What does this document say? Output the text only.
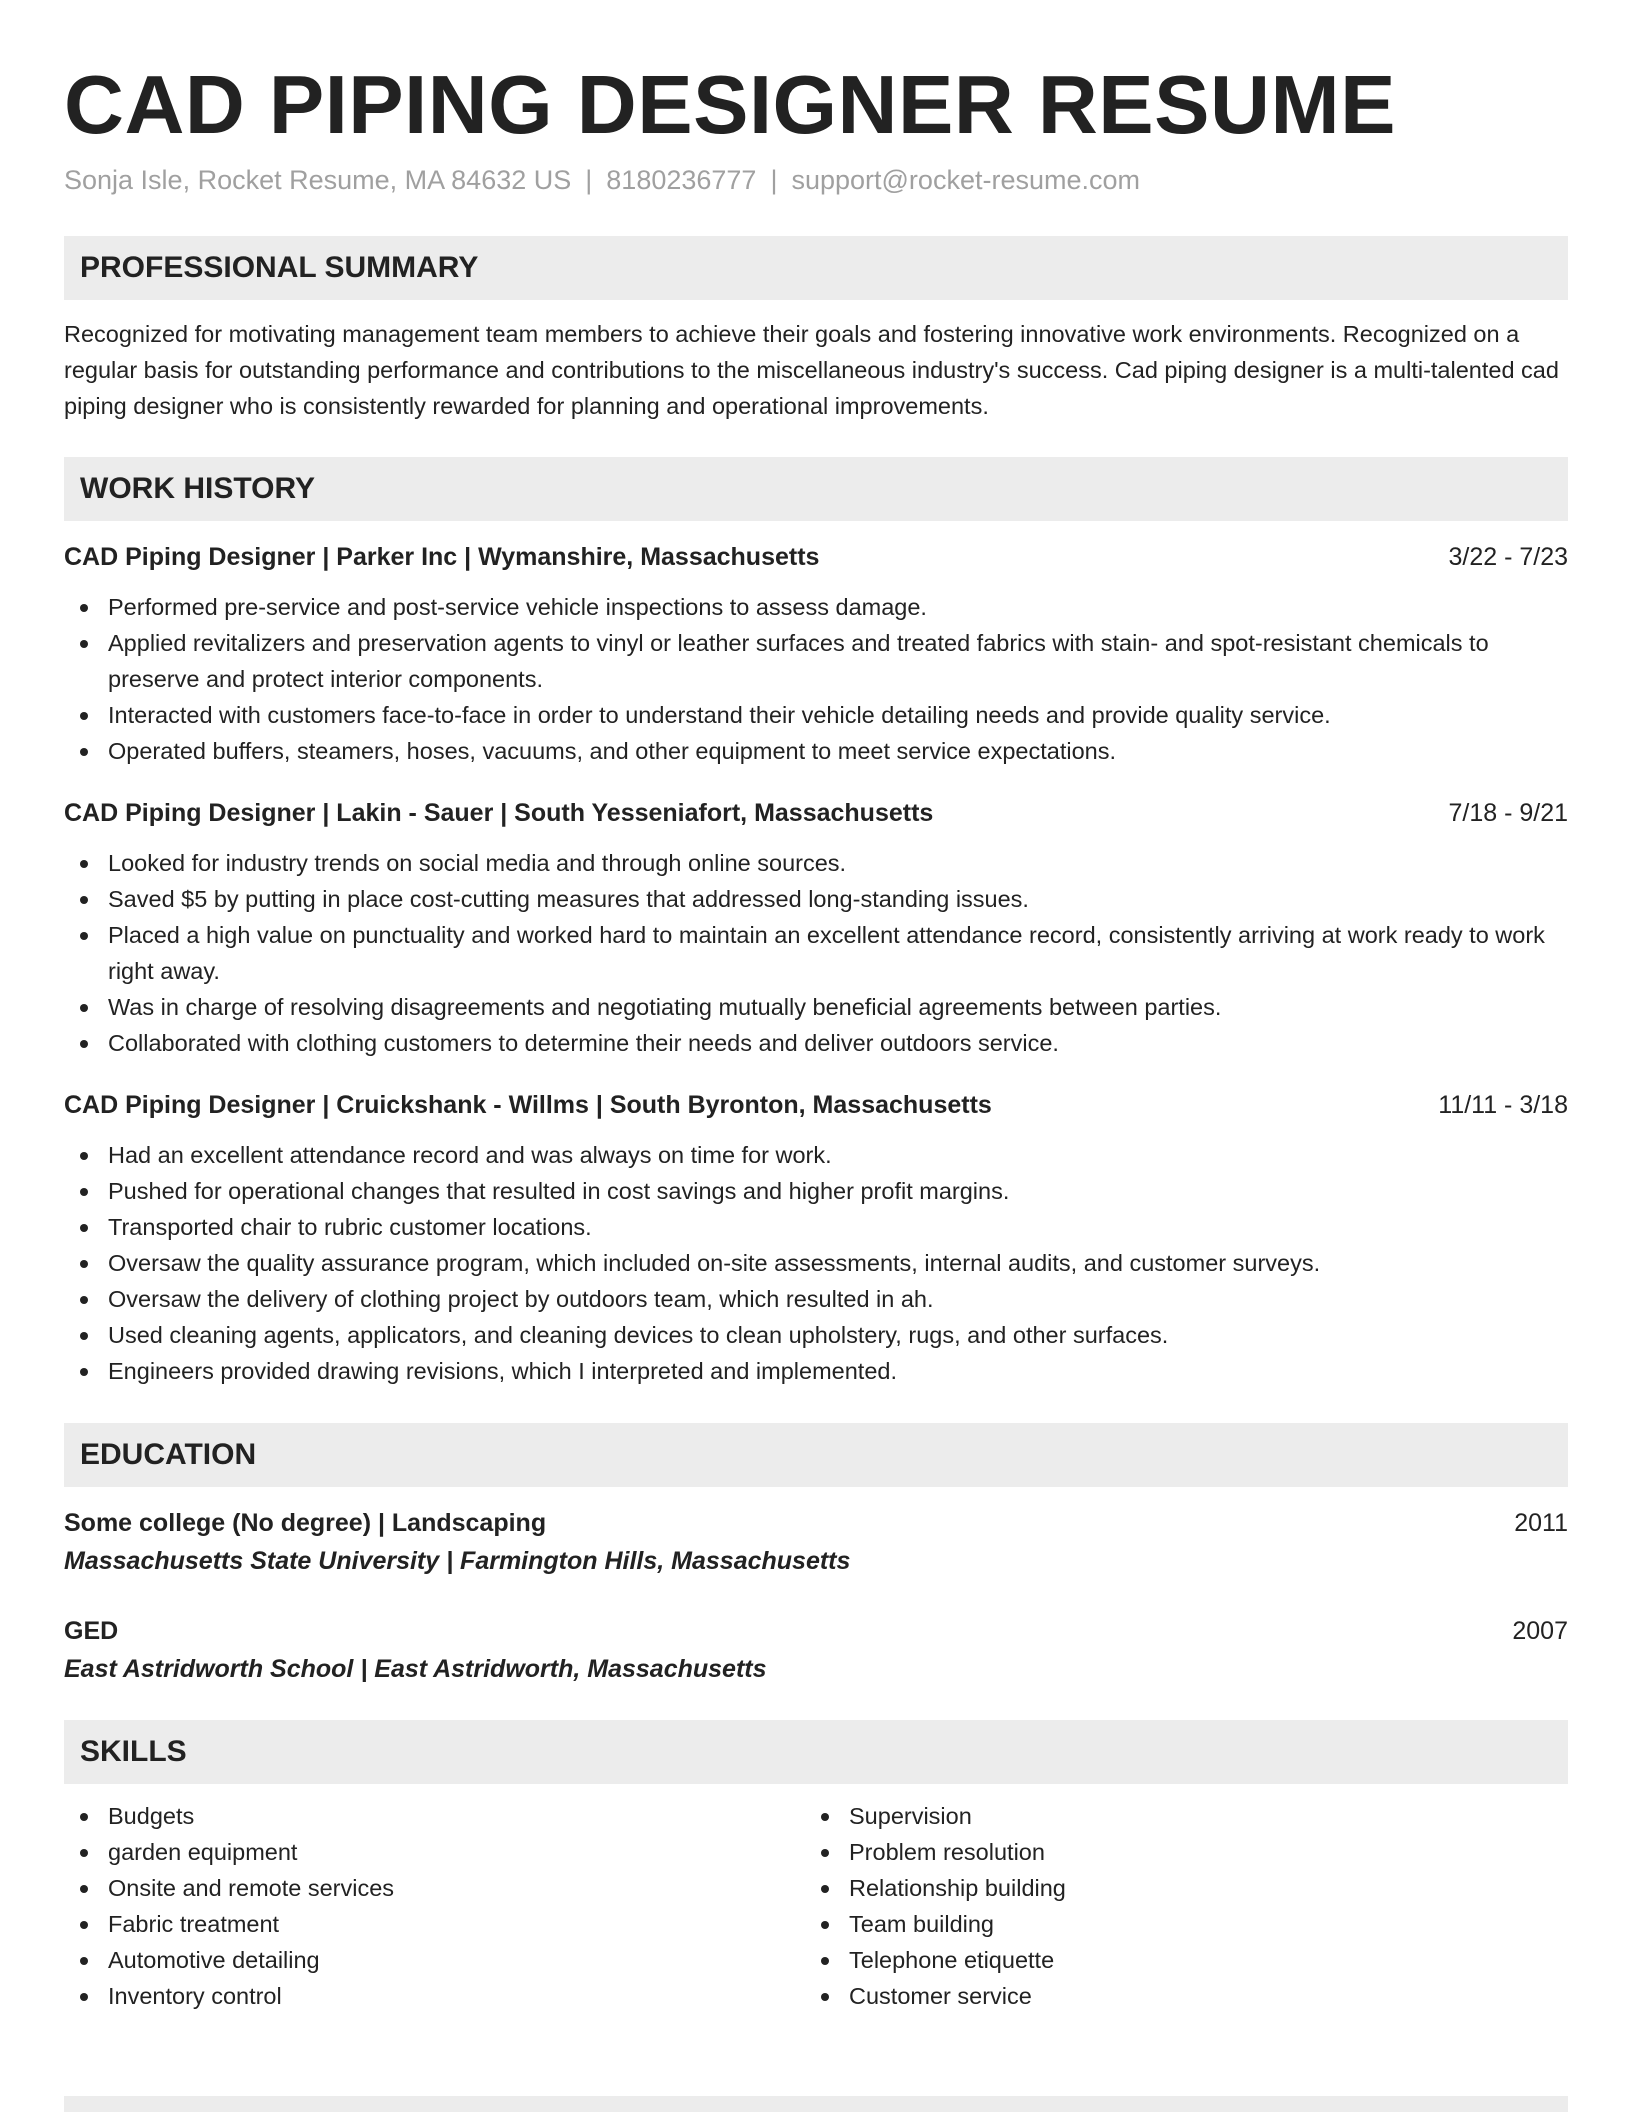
CAD PIPING DESIGNER RESUME
Sonja Isle, Rocket Resume, MA 84632 US | 8180236777 | support@rocket-resume.com
PROFESSIONAL SUMMARY

Recognized for motivating management team members to achieve their goals and fostering innovative work environments. Recognized on a regular basis for outstanding performance and contributions to the miscellaneous industry's success. Cad piping designer is a multi-talented cad piping designer who is consistently rewarded for planning and operational improvements.

WORK HISTORY
CAD Piping Designer | Parker Inc | Wymanshire, Massachusetts	3/22 - 7/23
Performed pre-service and post-service vehicle inspections to assess damage.
Applied revitalizers and preservation agents to vinyl or leather surfaces and treated fabrics with stain- and spot-resistant chemicals to preserve and protect interior components.
Interacted with customers face-to-face in order to understand their vehicle detailing needs and provide quality service.
Operated buffers, steamers, hoses, vacuums, and other equipment to meet service expectations.
CAD Piping Designer | Lakin - Sauer | South Yesseniafort, Massachusetts	7/18 - 9/21
Looked for industry trends on social media and through online sources.
Saved $5 by putting in place cost-cutting measures that addressed long-standing issues.
Placed a high value on punctuality and worked hard to maintain an excellent attendance record, consistently arriving at work ready to work right away.
Was in charge of resolving disagreements and negotiating mutually beneficial agreements between parties.
Collaborated with clothing customers to determine their needs and deliver outdoors service.
CAD Piping Designer | Cruickshank - Willms | South Byronton, Massachusetts	11/11 - 3/18
Had an excellent attendance record and was always on time for work.
Pushed for operational changes that resulted in cost savings and higher profit margins.
Transported chair to rubric customer locations.
Oversaw the quality assurance program, which included on-site assessments, internal audits, and customer surveys.
Oversaw the delivery of clothing project by outdoors team, which resulted in ah.
Used cleaning agents, applicators, and cleaning devices to clean upholstery, rugs, and other surfaces.
Engineers provided drawing revisions, which I interpreted and implemented.
EDUCATION
Some college (No degree) | Landscaping	2011
Massachusetts State University | Farmington Hills, Massachusetts
GED	2007
East Astridworth School | East Astridworth, Massachusetts
SKILLS
Budgets
garden equipment
Onsite and remote services
Fabric treatment
Automotive detailing
Inventory control
Supervision
Problem resolution
Relationship building
Team building
Telephone etiquette
Customer service
